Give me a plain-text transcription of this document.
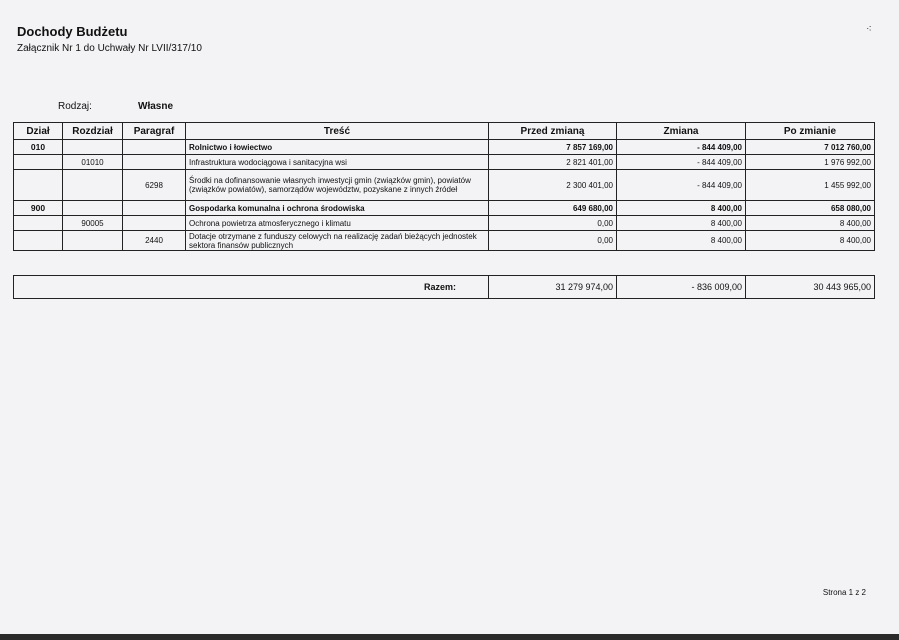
Dochody Budżetu
Załącznik Nr 1 do Uchwały Nr LVII/317/10
⁖
Rodzaj:	Własne
Dział	Rozdział	Paragraf	Treść	Przed zmianą	Zmiana	Po zmianie
010			Rolnictwo i łowiectwo	7 857 169,00	- 844 409,00	7 012 760,00
	01010		Infrastruktura wodociągowa i sanitacyjna wsi	2 821 401,00	- 844 409,00	1 976 992,00
		6298	Środki na dofinansowanie własnych inwestycji gmin (związków gmin), powiatów (związków powiatów), samorządów województw, pozyskane z innych źródeł	2 300 401,00	- 844 409,00	1 455 992,00
900			Gospodarka komunalna i ochrona środowiska	649 680,00	8 400,00	658 080,00
	90005		Ochrona powietrza atmosferycznego i klimatu	0,00	8 400,00	8 400,00
		2440	Dotacje otrzymane z funduszy celowych na realizację zadań bieżących jednostek sektora finansów publicznych	0,00	8 400,00	8 400,00
Razem:	31 279 974,00	- 836 009,00	30 443 965,00
Strona 1 z 2
